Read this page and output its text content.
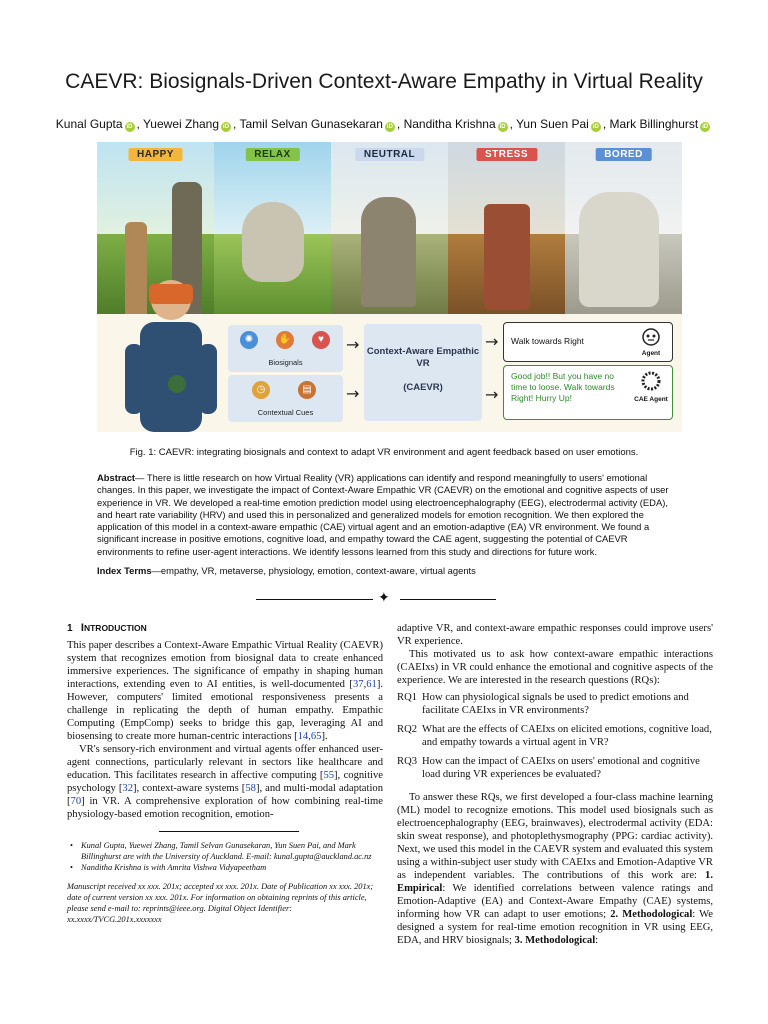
CAEVR: Biosignals-Driven Context-Aware Empathy in Virtual Reality
Kunal Gupta iD , Yuewei Zhang iD , Tamil Selvan Gunasekaran iD , Nanditha Krishna iD , Yun Suen Pai iD , Mark Billinghurst iD
HAPPY	RELAX	NEUTRAL	STRESS	BORED
✺	✋	♥
Biosignals
◷	▤
Contextual Cues
→
→
Context-Aware Empathic VR
(CAEVR)
→
→
Walk towards Right
Agent
Good job!! But you have no time to loose. Walk towards Right! Hurry Up!	CAE Agent
Fig. 1: CAEVR: integrating biosignals and context to adapt VR environment and agent feedback based on user emotions.

Abstract— There is little research on how Virtual Reality (VR) applications can identify and respond meaningfully to users' emotional changes. In this paper, we investigate the impact of Context-Aware Empathic VR (CAEVR) on the emotional and cognitive aspects of user experience in VR. We developed a real-time emotion prediction model using electroencephalography (EEG), electrodermal activity (EDA), and heart rate variability (HRV) and used this in personalized and generalized models for emotion recognition. We then explored the application of this model in a context-aware empathic (CAE) virtual agent and an emotion-adaptive (EA) VR environment. We found a significant increase in positive emotions, cognitive load, and empathy toward the CAE agent, suggesting the potential of CAEVR environments to refine user-agent interactions. We identify lessons learned from this study and directions for future work.

Index Terms—empathy, VR, metaverse, physiology, emotion, context-aware, virtual agents
✦
1 INTRODUCTION

This paper describes a Context-Aware Empathic Virtual Reality (CAEVR) system that recognizes emotion from biosignal data to create enhanced immersive experiences. The significance of empathy in shaping human interactions, extending even to AI entities, is well-documented [37,61]. However, computers' limited emotional responsiveness presents a challenge in replicating the depth of human empathy. Empathic Computing (EmpComp) seeks to bridge this gap, leveraging AI and biosensing to create more human-centric interactions [14,65].

VR's sensory-rich environment and virtual agents offer enhanced user-agent connections, particularly relevant in sectors like healthcare and education. This facilitates research in affective computing [55], cognitive psychology [32], context-aware systems [58], and multi-modal adaptation [70] in VR. A comprehensive exploration of how combining real-time physiology-based emotion recognition, emotion-

• Kunal Gupta, Yuewei Zhang, Tamil Selvan Gunasekaran, Yun Suen Pai, and Mark Billinghurst are with the University of Auckland. E-mail: kunal.gupta@auckland.ac.nz
• Nanditha Krishna is with Amrita Vishwa Vidyapeetham

Manuscript received xx xxx. 201x; accepted xx xxx. 201x. Date of Publication xx xxx. 201x; date of current version xx xxx. 201x. For information on obtaining reprints of this article, please send e-mail to: reprints@ieee.org. Digital Object Identifier: xx.xxxx/TVCG.201x.xxxxxxx

adaptive VR, and context-aware empathic responses could improve users' VR experience.

This motivated us to ask how context-aware empathic interactions (CAEIxs) in VR could enhance the emotional and cognitive aspects of the experience. We are interested in the research questions (RQs):

RQ1 How can physiological signals be used to predict emotions and facilitate CAEIxs in VR environments?
RQ2 What are the effects of CAEIxs on elicited emotions, cognitive load, and empathy towards a virtual agent in VR?
RQ3 How can the impact of CAEIxs on users' emotional and cognitive load during VR experiences be evaluated?

To answer these RQs, we first developed a four-class machine learning (ML) model to recognize emotions. This model used biosignals such as electroencephalography (EEG, brainwaves), electrodermal activity (EDA: skin sweat response), and photoplethysmography (PPG: cardiac activity). Next, we used this model in the CAEVR system and evaluated this system using a within-subject user study with CAEIxs and Emotion-Adaptive VR as independent variables. The contributions of this work are: 1. Empirical: We identified correlations between valence ratings and Emotion-Adaptive (EA) and Context-Aware Empathy (CAE) systems, informing how VR can adapt to user emotions; 2. Methodological: We designed a system for real-time emotion recognition in VR using EEG, EDA, and HRV biosignals; 3. Methodological:
